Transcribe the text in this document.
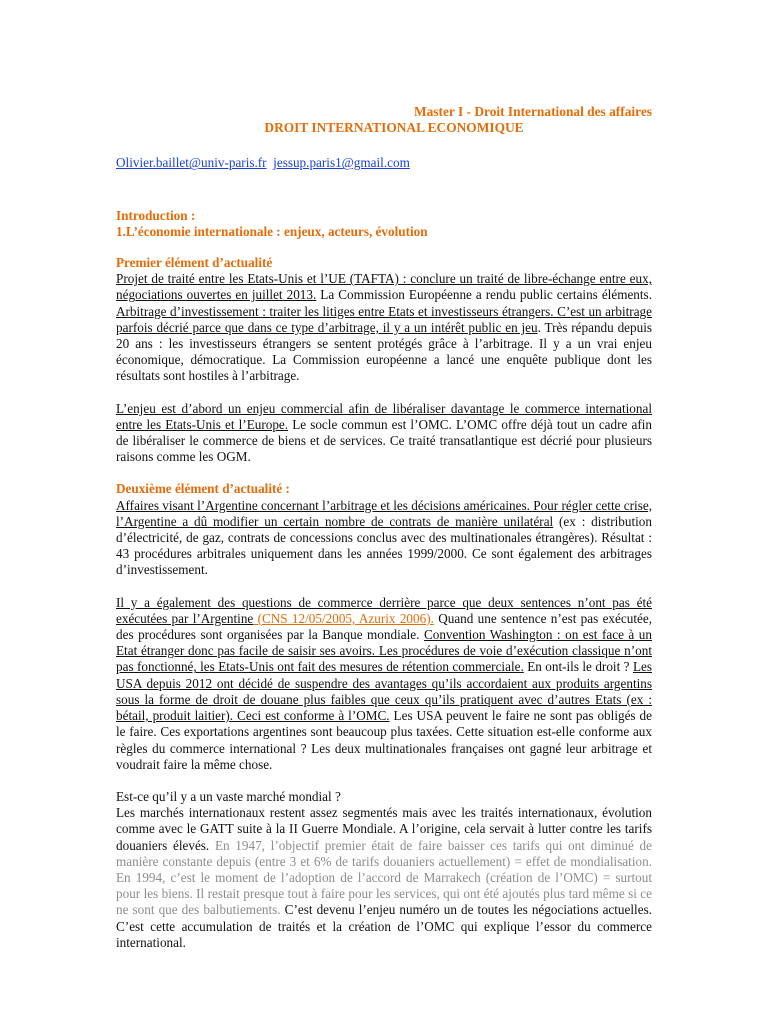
Master I - Droit International des affaires
DROIT INTERNATIONAL ECONOMIQUE
Olivier.baillet@univ-paris.fr jessup.paris1@gmail.com
Introduction :
1.L’économie internationale : enjeux, acteurs, évolution
Premier élément d’actualité

Projet de traité entre les Etats-Unis et l’UE (TAFTA) : conclure un traité de libre-échange entre eux, négociations ouvertes en juillet 2013. La Commission Européenne a rendu public certains éléments. Arbitrage d’investissement : traiter les litiges entre Etats et investisseurs étrangers. C’est un arbitrage parfois décrié parce que dans ce type d’arbitrage, il y a un intérêt public en jeu. Très répandu depuis 20 ans : les investisseurs étrangers se sentent protégés grâce à l’arbitrage. Il y a un vrai enjeu économique, démocratique. La Commission européenne a lancé une enquête publique dont les résultats sont hostiles à l’arbitrage.

L’enjeu est d’abord un enjeu commercial afin de libéraliser davantage le commerce international entre les Etats-Unis et l’Europe. Le socle commun est l’OMC. L’OMC offre déjà tout un cadre afin de libéraliser le commerce de biens et de services. Ce traité transatlantique est décrié pour plusieurs raisons comme les OGM.

Deuxième élément d’actualité :

Affaires visant l’Argentine concernant l’arbitrage et les décisions américaines. Pour régler cette crise, l’Argentine a dû modifier un certain nombre de contrats de manière unilatéral (ex : distribution d’électricité, de gaz, contrats de concessions conclus avec des multinationales étrangères). Résultat : 43 procédures arbitrales uniquement dans les années 1999/2000. Ce sont également des arbitrages d’investissement.

Il y a également des questions de commerce derrière parce que deux sentences n’ont pas été exécutées par l’Argentine (CNS 12/05/2005, Azurix 2006). Quand une sentence n’est pas exécutée, des procédures sont organisées par la Banque mondiale. Convention Washington : on est face à un Etat étranger donc pas facile de saisir ses avoirs. Les procédures de voie d’exécution classique n’ont pas fonctionné, les Etats-Unis ont fait des mesures de rétention commerciale. En ont-ils le droit ? Les USA depuis 2012 ont décidé de suspendre des avantages qu’ils accordaient aux produits argentins sous la forme de droit de douane plus faibles que ceux qu’ils pratiquent avec d’autres Etats (ex : bétail, produit laitier). Ceci est conforme à l’OMC. Les USA peuvent le faire ne sont pas obligés de le faire. Ces exportations argentines sont beaucoup plus taxées. Cette situation est-elle conforme aux règles du commerce international ? Les deux multinationales françaises ont gagné leur arbitrage et voudrait faire la même chose.

Est-ce qu’il y a un vaste marché mondial ?

Les marchés internationaux restent assez segmentés mais avec les traités internationaux, évolution comme avec le GATT suite à la II Guerre Mondiale. A l’origine, cela servait à lutter contre les tarifs douaniers élevés. En 1947, l’objectif premier était de faire baisser ces tarifs qui ont diminué de manière constante depuis (entre 3 et 6% de tarifs douaniers actuellement) = effet de mondialisation. En 1994, c’est le moment de l’adoption de l’accord de Marrakech (création de l’OMC) = surtout pour les biens. Il restait presque tout à faire pour les services, qui ont été ajoutés plus tard même si ce ne sont que des balbutiements. C’est devenu l’enjeu numéro un de toutes les négociations actuelles. C’est cette accumulation de traités et la création de l’OMC qui explique l’essor du commerce international.
